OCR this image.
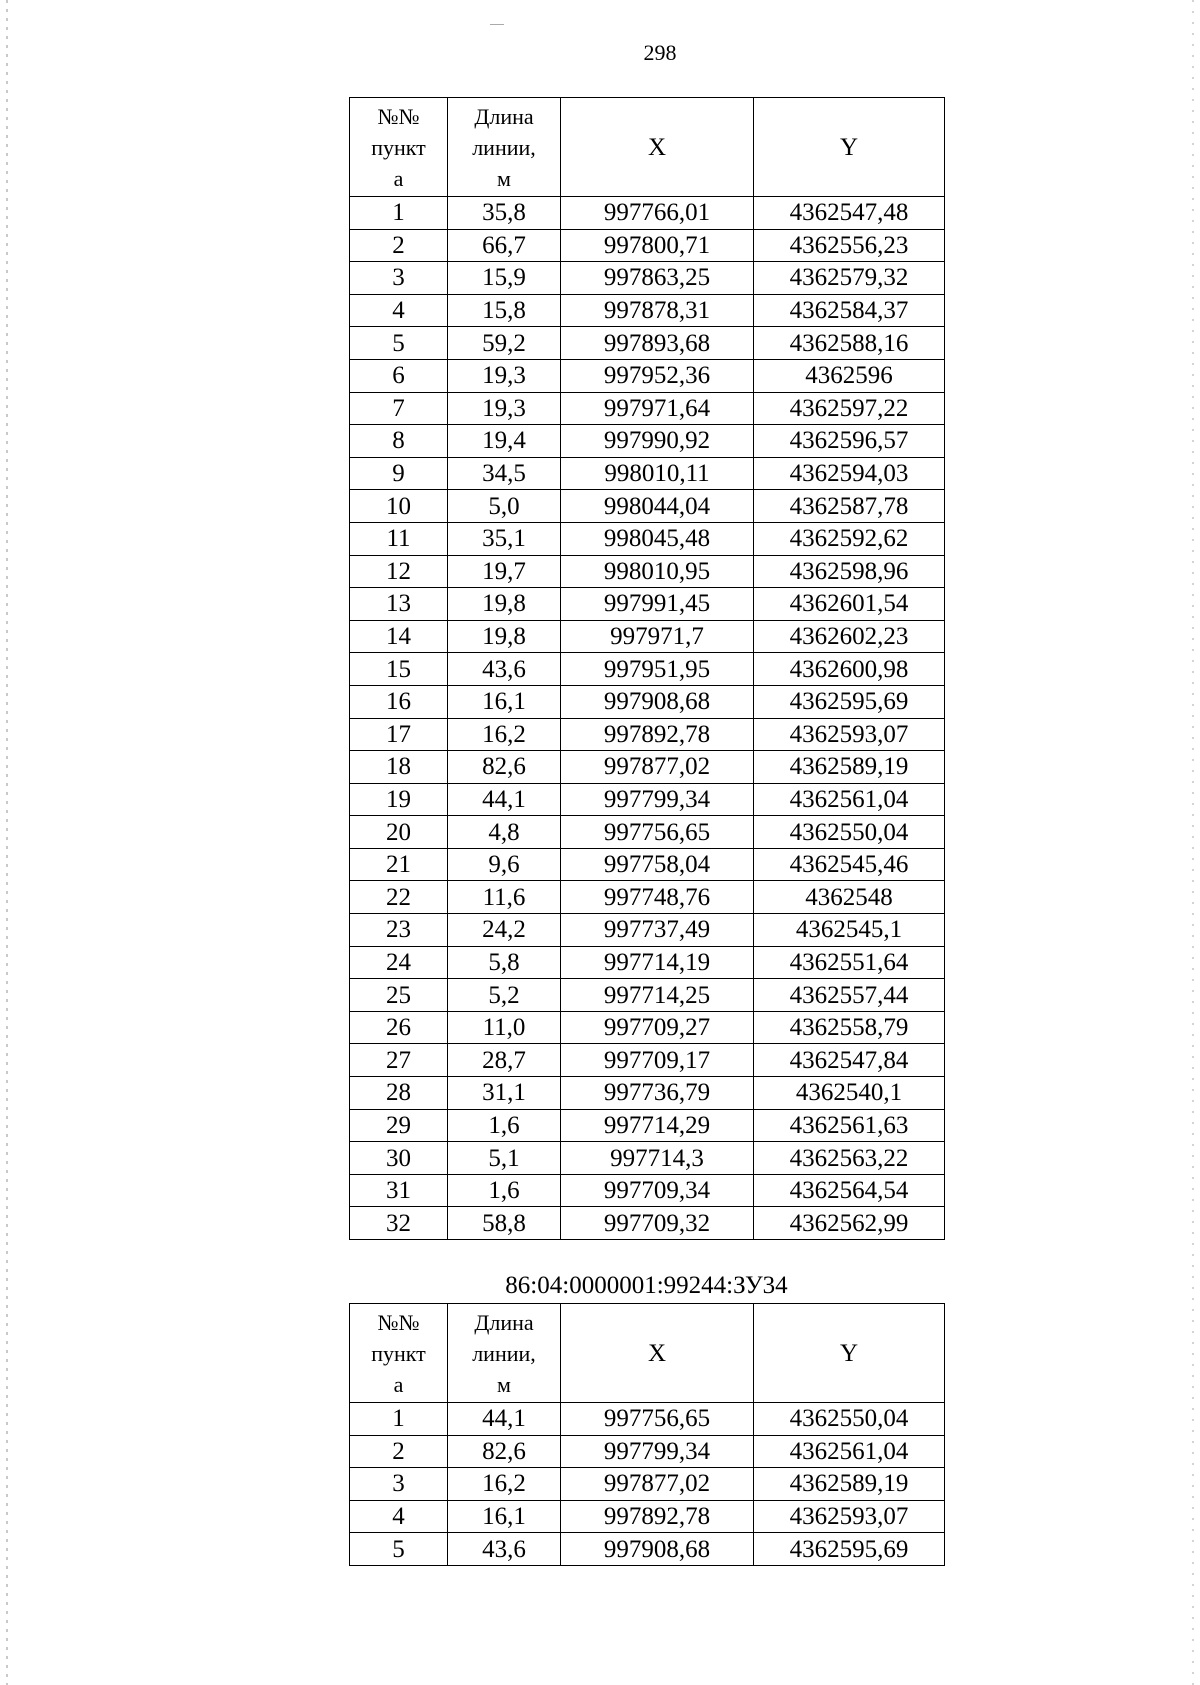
298
№№
пункт
а	Длина
линии,
м	X	Y
1	35,8	997766,01	4362547,48
2	66,7	997800,71	4362556,23
3	15,9	997863,25	4362579,32
4	15,8	997878,31	4362584,37
5	59,2	997893,68	4362588,16
6	19,3	997952,36	4362596
7	19,3	997971,64	4362597,22
8	19,4	997990,92	4362596,57
9	34,5	998010,11	4362594,03
10	5,0	998044,04	4362587,78
11	35,1	998045,48	4362592,62
12	19,7	998010,95	4362598,96
13	19,8	997991,45	4362601,54
14	19,8	997971,7	4362602,23
15	43,6	997951,95	4362600,98
16	16,1	997908,68	4362595,69
17	16,2	997892,78	4362593,07
18	82,6	997877,02	4362589,19
19	44,1	997799,34	4362561,04
20	4,8	997756,65	4362550,04
21	9,6	997758,04	4362545,46
22	11,6	997748,76	4362548
23	24,2	997737,49	4362545,1
24	5,8	997714,19	4362551,64
25	5,2	997714,25	4362557,44
26	11,0	997709,27	4362558,79
27	28,7	997709,17	4362547,84
28	31,1	997736,79	4362540,1
29	1,6	997714,29	4362561,63
30	5,1	997714,3	4362563,22
31	1,6	997709,34	4362564,54
32	58,8	997709,32	4362562,99
86:04:0000001:99244:ЗУ34
№№
пункт
а	Длина
линии,
м	X	Y
1	44,1	997756,65	4362550,04
2	82,6	997799,34	4362561,04
3	16,2	997877,02	4362589,19
4	16,1	997892,78	4362593,07
5	43,6	997908,68	4362595,69
